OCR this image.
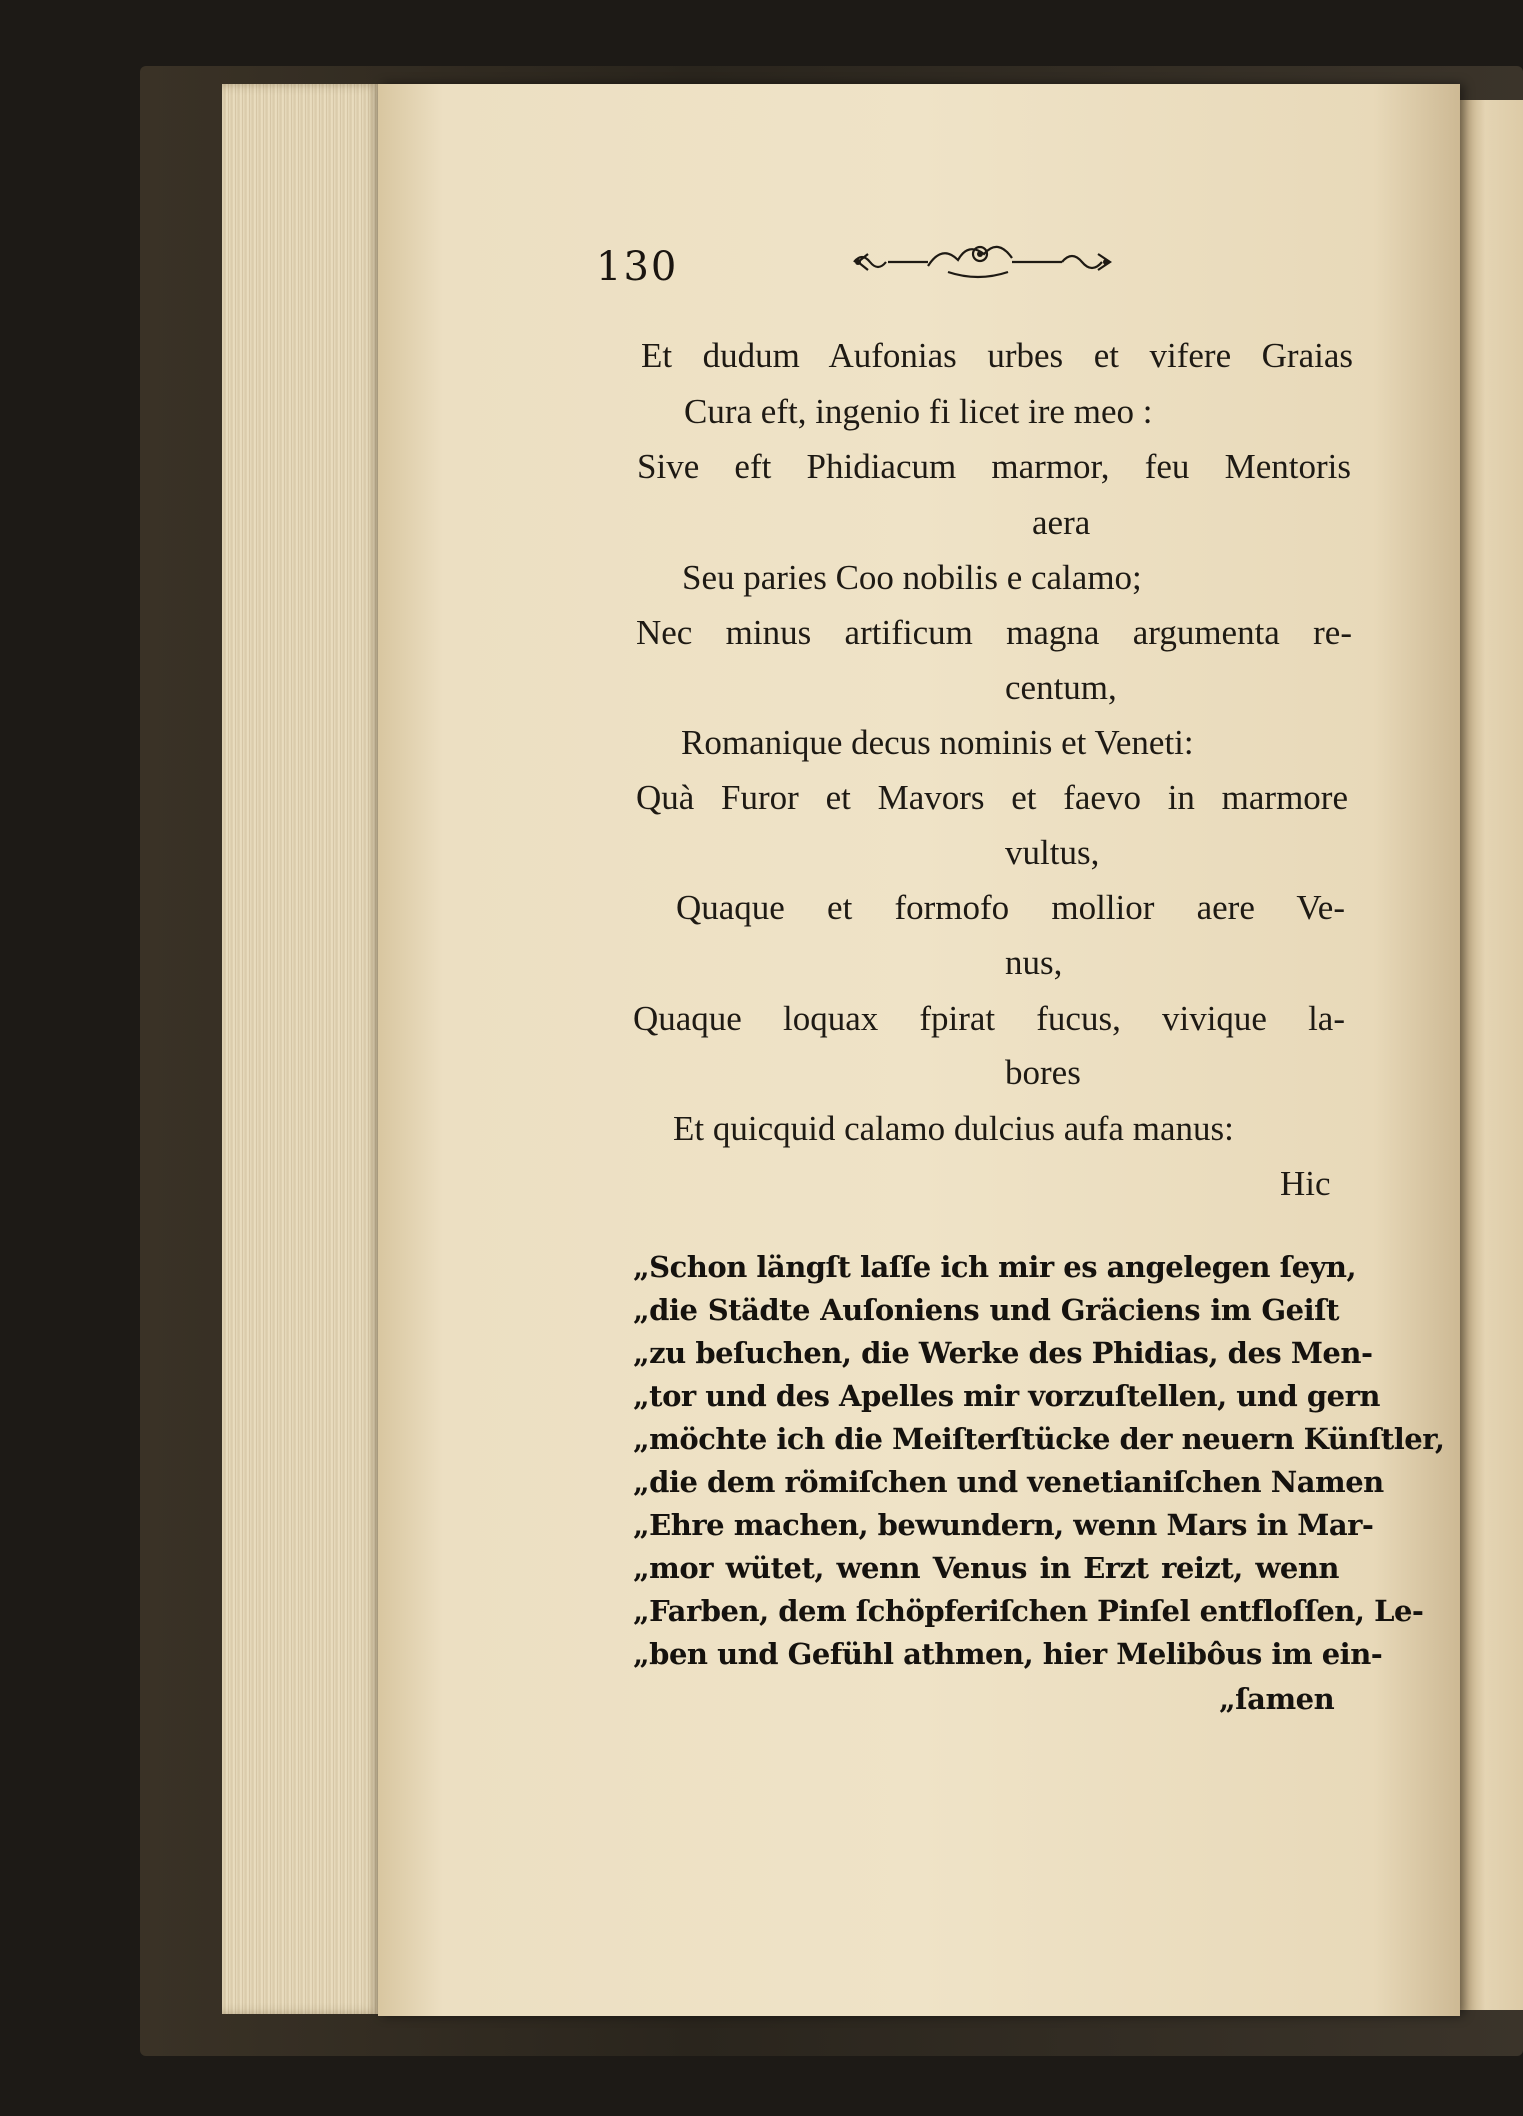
130
Et dudum Aufonias urbes et vifere Graias
Cura eft, ingenio fi licet ire meo :
Sive eft Phidiacum marmor, feu Mentoris
aera
Seu paries Coo nobilis e calamo;
Nec minus artificum magna argumenta re-
centum,
Romanique decus nominis et Veneti:
Quà Furor et Mavors et faevo in marmore
vultus,
Quaque et formofo mollior aere Ve-
nus,
Quaque loquax fpirat fucus, vivique la-
bores
Et quicquid calamo dulcius aufa manus:
Hic
„Schon längſt laſſe ich mir es angelegen ſeyn,
„die Städte Auſoniens und Gräciens im Geiſt
„zu beſuchen, die Werke des Phidias, des Men-
„tor und des Apelles mir vorzuſtellen, und gern
„möchte ich die Meiſterſtücke der neuern Künſtler,
„die dem römiſchen und venetianiſchen Namen
„Ehre machen, bewundern, wenn Mars in Mar-
„mor wütet, wenn Venus in Erzt reizt, wenn
„Farben, dem ſchöpferiſchen Pinſel entfloſſen, Le-
„ben und Gefühl athmen, hier Melibôus im ein-
„ſamen
